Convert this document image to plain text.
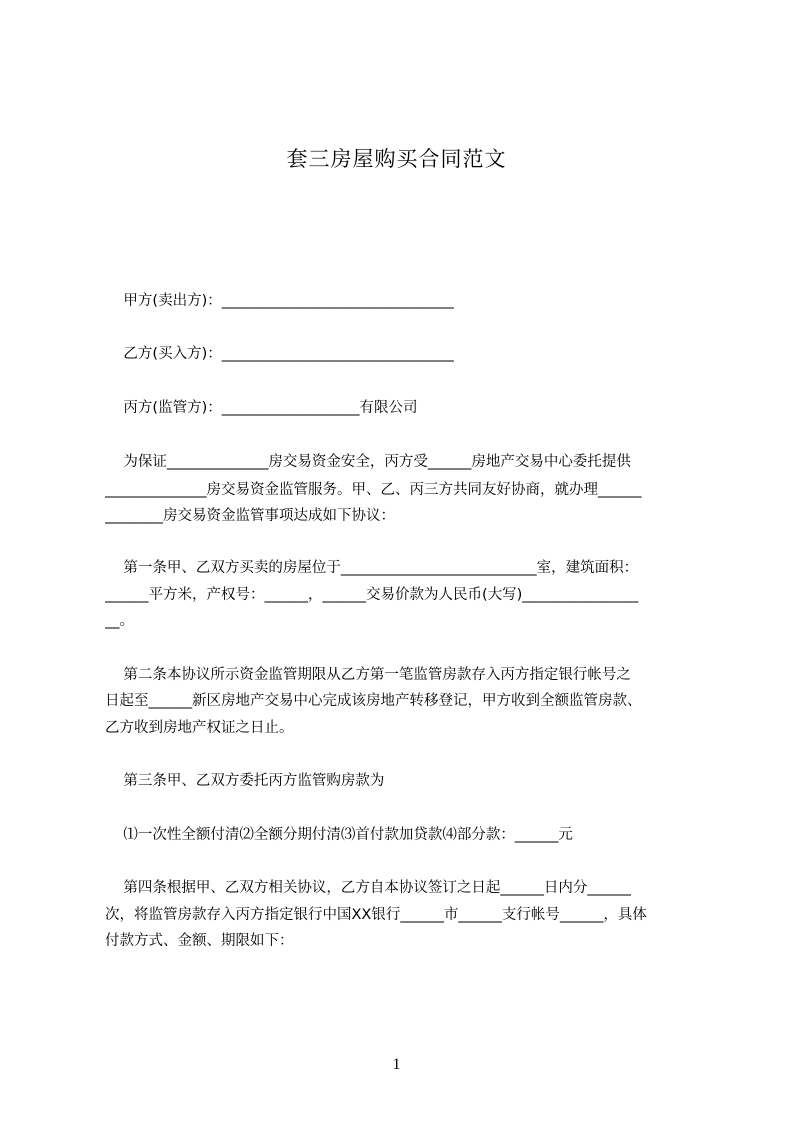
套三房屋购买合同范文
甲方(卖出方)：________________________________
乙方(买入方)：________________________________
丙方(监管方)：___________________有限公司
为保证______________房交易资金安全，丙方受______房地产交易中心委托提供
______________房交易资金监管服务。甲、乙、丙三方共同友好协商，就办理______
________房交易资金监管事项达成如下协议：
第一条甲、乙双方买卖的房屋位于___________________________室，建筑面积：
______平方米，产权号：______，______交易价款为人民币(大写)________________
__。
第二条本协议所示资金监管期限从乙方第一笔监管房款存入丙方指定银行帐号之
日起至______新区房地产交易中心完成该房地产转移登记，甲方收到全额监管房款、
乙方收到房地产权证之日止。
第三条甲、乙双方委托丙方监管购房款为
⑴一次性全额付清⑵全额分期付清⑶首付款加贷款⑷部分款：______元
第四条根据甲、乙双方相关协议，乙方自本协议签订之日起______日内分______
次，将监管房款存入丙方指定银行中国XX银行______市______支行帐号______，具体
付款方式、金额、期限如下：
1
